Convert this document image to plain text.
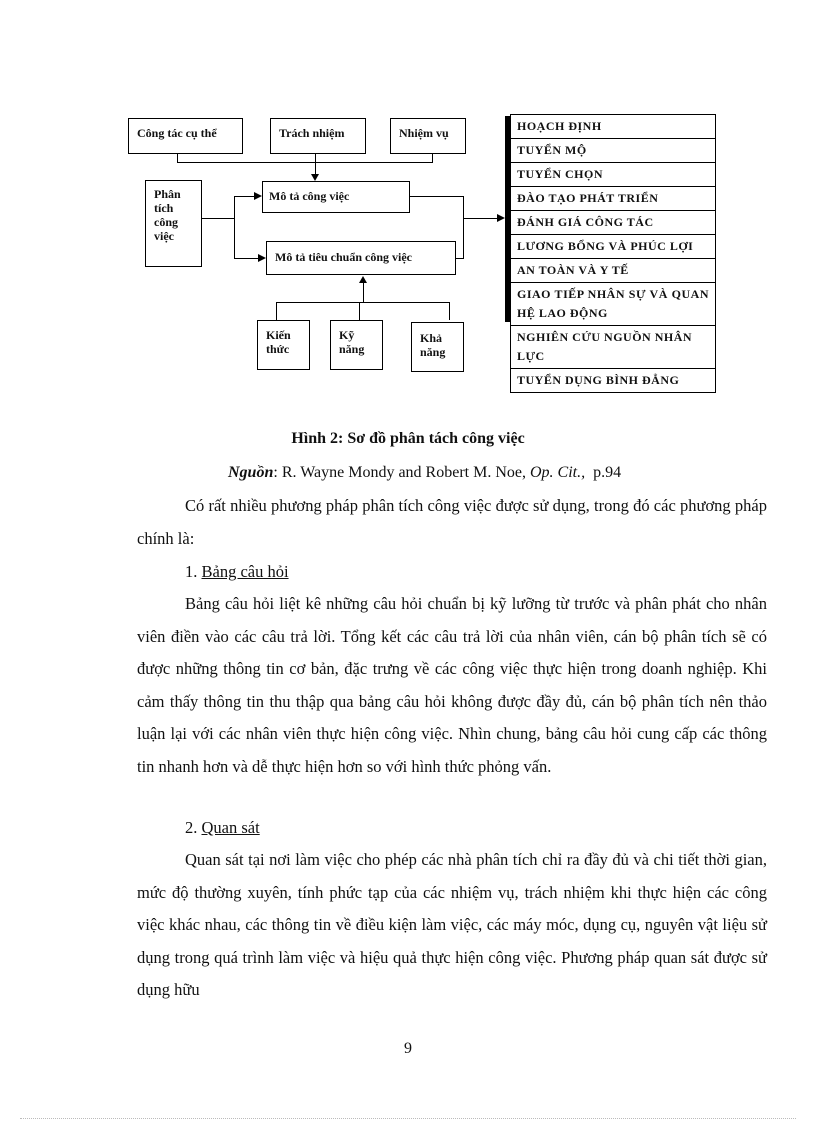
Công tác cụ thể	Trách nhiệm	Nhiệm vụ
Phân tích công việc
Mô tả công việc
Mô tả tiêu chuẩn công việc
Kiến thức
Kỹ năng
Khả năng
HOẠCH ĐỊNH
TUYỂN MỘ
TUYỂN CHỌN
ĐÀO TẠO PHÁT TRIỂN
ĐÁNH GIÁ CÔNG TÁC
LƯƠNG BỔNG VÀ PHÚC LỢI
AN TOÀN VÀ Y TẾ
GIAO TIẾP NHÂN SỰ VÀ QUAN HỆ LAO ĐỘNG
NGHIÊN CỨU NGUỒN NHÂN LỰC
TUYỂN DỤNG BÌNH ĐẲNG
Hình 2: Sơ đồ phân tách công việc
Nguồn: R. Wayne Mondy and Robert M. Noe, Op. Cit., p.94
Có rất nhiều phương pháp phân tích công việc được sử dụng, trong đó các phương pháp chính là:
1. Bảng câu hỏi
Bảng câu hỏi liệt kê những câu hỏi chuẩn bị kỹ lưỡng từ trước và phân phát cho nhân viên điền vào các câu trả lời. Tổng kết các câu trả lời của nhân viên, cán bộ phân tích sẽ có được những thông tin cơ bản, đặc trưng về các công việc thực hiện trong doanh nghiệp. Khi cảm thấy thông tin thu thập qua bảng câu hỏi không được đầy đủ, cán bộ phân tích nên thảo luận lại với các nhân viên thực hiện công việc. Nhìn chung, bảng câu hỏi cung cấp các thông tin nhanh hơn và dễ thực hiện hơn so với hình thức phỏng vấn.
2. Quan sát
Quan sát tại nơi làm việc cho phép các nhà phân tích chỉ ra đầy đủ và chi tiết thời gian, mức độ thường xuyên, tính phức tạp của các nhiệm vụ, trách nhiệm khi thực hiện các công việc khác nhau, các thông tin về điều kiện làm việc, các máy móc, dụng cụ, nguyên vật liệu sử dụng trong quá trình làm việc và hiệu quả thực hiện công việc. Phương pháp quan sát được sử dụng hữu
9
